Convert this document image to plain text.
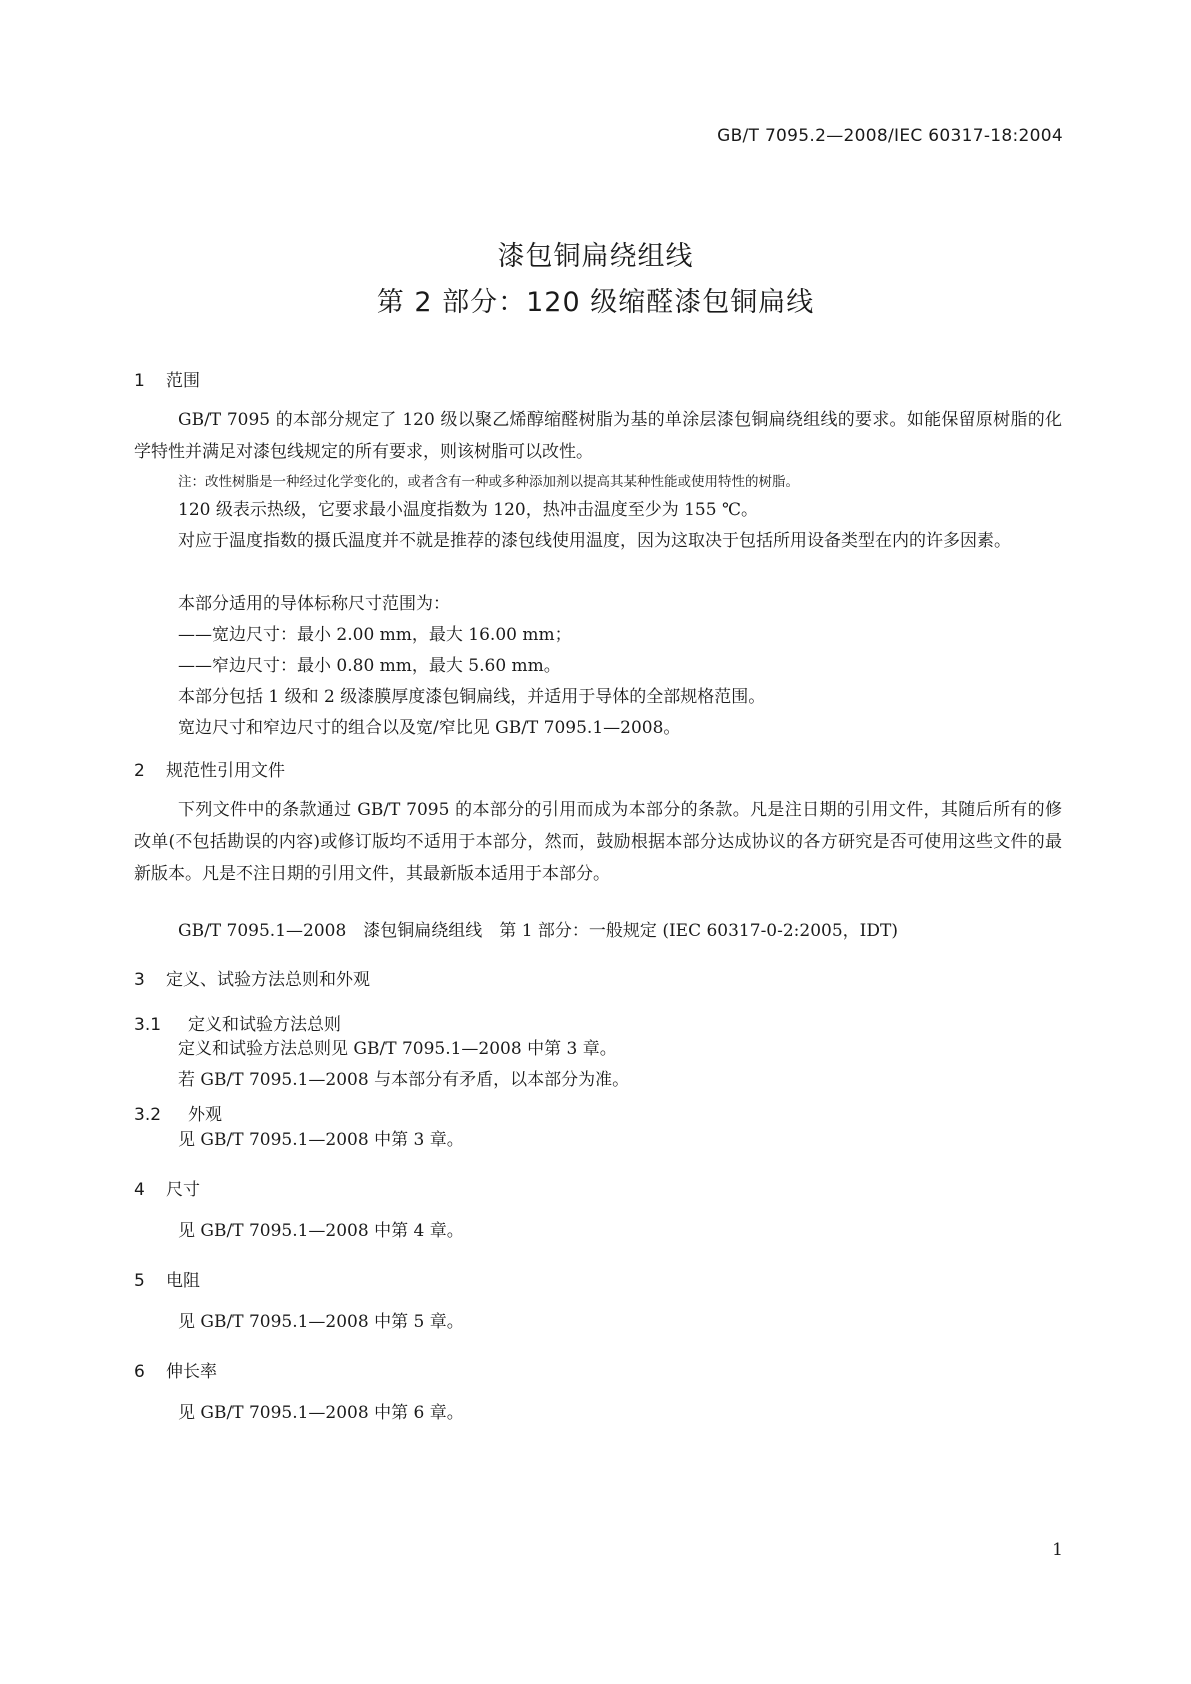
GB/T 7095.2—2008/IEC 60317-18:2004
漆包铜扁绕组线
第 2 部分：120 级缩醛漆包铜扁线
1 范围
GB/T 7095 的本部分规定了 120 级以聚乙烯醇缩醛树脂为基的单涂层漆包铜扁绕组线的要求。如能保留原树脂的化学特性并满足对漆包线规定的所有要求，则该树脂可以改性。
注：改性树脂是一种经过化学变化的，或者含有一种或多种添加剂以提高其某种性能或使用特性的树脂。
120 级表示热级，它要求最小温度指数为 120，热冲击温度至少为 155 ℃。
对应于温度指数的摄氏温度并不就是推荐的漆包线使用温度，因为这取决于包括所用设备类型在内的许多因素。
本部分适用的导体标称尺寸范围为：
——宽边尺寸：最小 2.00 mm，最大 16.00 mm；
——窄边尺寸：最小 0.80 mm，最大 5.60 mm。
本部分包括 1 级和 2 级漆膜厚度漆包铜扁线，并适用于导体的全部规格范围。
宽边尺寸和窄边尺寸的组合以及宽/窄比见 GB/T 7095.1—2008。
2 规范性引用文件
下列文件中的条款通过 GB/T 7095 的本部分的引用而成为本部分的条款。凡是注日期的引用文件，其随后所有的修改单(不包括勘误的内容)或修订版均不适用于本部分，然而，鼓励根据本部分达成协议的各方研究是否可使用这些文件的最新版本。凡是不注日期的引用文件，其最新版本适用于本部分。
GB/T 7095.1—2008　漆包铜扁绕组线　第 1 部分：一般规定 (IEC 60317-0-2:2005，IDT)
3 定义、试验方法总则和外观
3.1 定义和试验方法总则
定义和试验方法总则见 GB/T 7095.1—2008 中第 3 章。
若 GB/T 7095.1—2008 与本部分有矛盾，以本部分为准。
3.2 外观
见 GB/T 7095.1—2008 中第 3 章。
4 尺寸
见 GB/T 7095.1—2008 中第 4 章。
5 电阻
见 GB/T 7095.1—2008 中第 5 章。
6 伸长率
见 GB/T 7095.1—2008 中第 6 章。
1
